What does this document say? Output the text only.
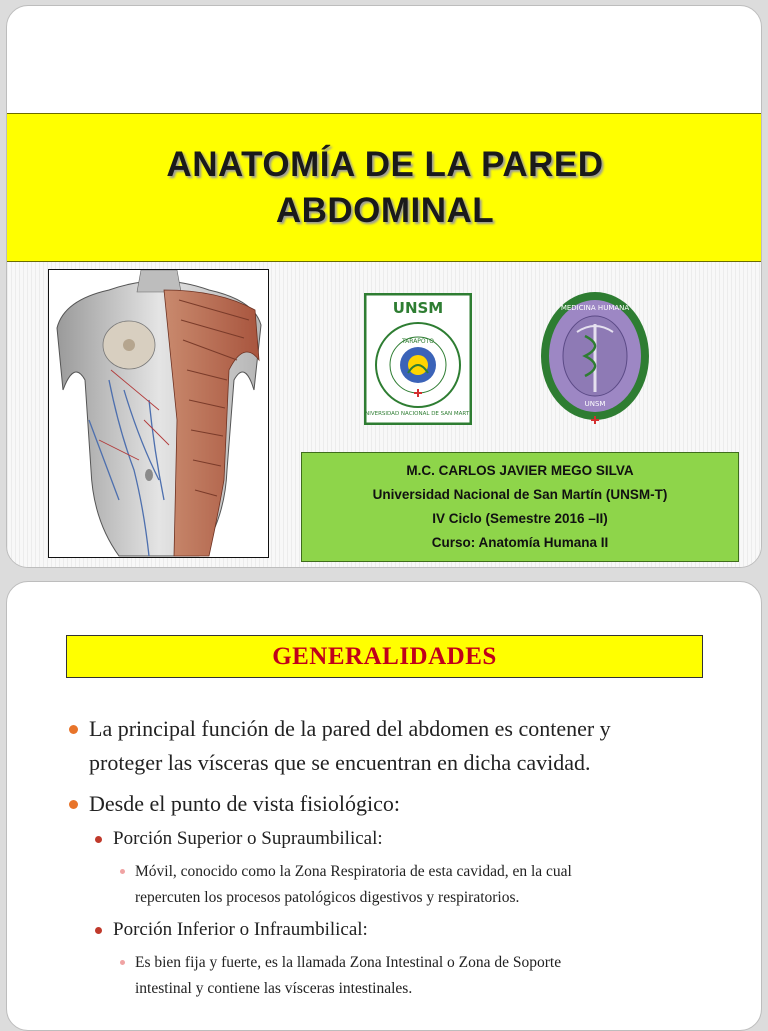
ANATOMÍA DE LA PARED
ABDOMINAL
UNSM
TARAPOTO
UNIVERSIDAD NACIONAL DE SAN MARTIN
MEDICINA HUMANA
UNSM
M.C. CARLOS JAVIER MEGO SILVA
Universidad Nacional de San Martín (UNSM-T)
IV Ciclo (Semestre 2016 –II)
Curso: Anatomía Humana II
GENERALIDADES
La principal función de la pared del abdomen es contener y
proteger las vísceras que se encuentran en dicha cavidad.
Desde el punto de vista fisiológico:
Porción Superior o Supraumbilical:
Móvil, conocido como la Zona Respiratoria de esta cavidad, en la cual
repercuten los procesos patológicos digestivos y respiratorios.
Porción Inferior o Infraumbilical:
Es bien fija y fuerte, es la llamada Zona Intestinal o Zona de Soporte
intestinal y contiene las vísceras intestinales.
